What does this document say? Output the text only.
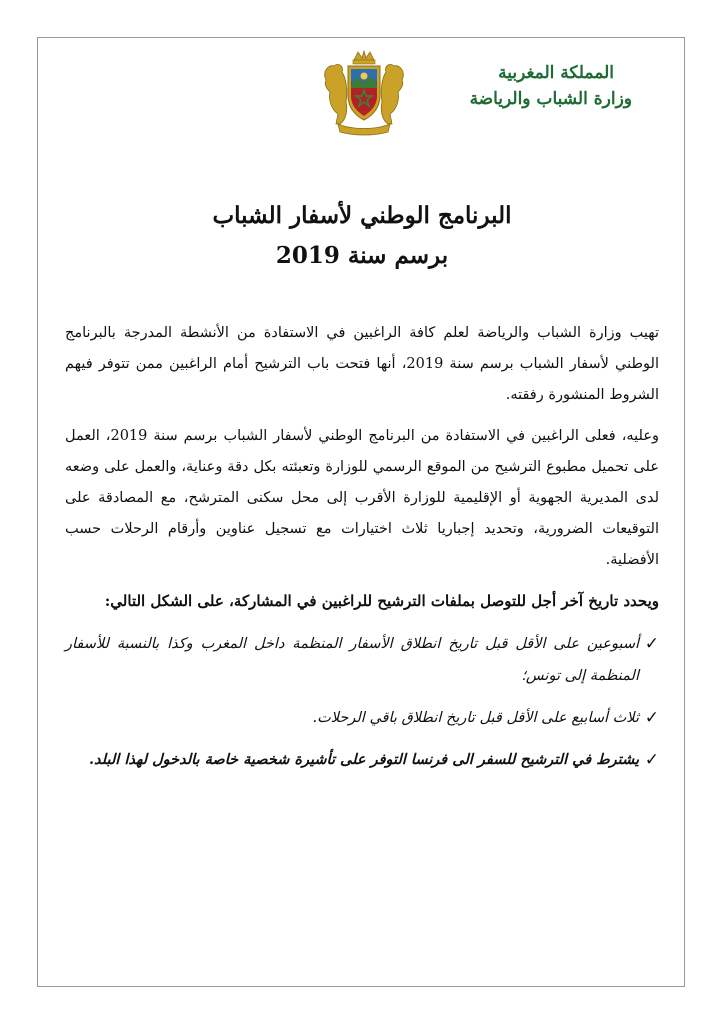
المملكة المغربية
وزارة الشباب والرياضة
البرنامج الوطني لأسفار الشباب
برسم سنة 2019

تهيب وزارة الشباب والرياضة لعلم كافة الراغبين في الاستفادة من الأنشطة المدرجة بالبرنامج الوطني لأسفار الشباب برسم سنة 2019، أنها فتحت باب الترشيح أمام الراغبين ممن تتوفر فيهم الشروط المنشورة رفقته.

وعليه، فعلى الراغبين في الاستفادة من البرنامج الوطني لأسفار الشباب برسم سنة 2019، العمل على تحميل مطبوع الترشيح من الموقع الرسمي للوزارة وتعبئته بكل دقة وعناية، والعمل على وضعه لدى المديرية الجهوية أو الإقليمية للوزارة الأقرب إلى محل سكنى المترشح، مع المصادقة على التوقيعات الضرورية، وتحديد إجباريا ثلاث اختيارات مع تسجيل عناوين وأرقام الرحلات حسب الأفضلية.

ويحدد تاريخ آخر أجل للتوصل بملفات الترشيح للراغبين في المشاركة، على الشكل التالي:

✓
أسبوعين على الأقل قبل تاريخ انطلاق الأسفار المنظمة داخل المغرب وكذا بالنسبة للأسفار المنظمة إلى تونس؛
✓
ثلاث أسابيع على الأقل قبل تاريخ انطلاق باقي الرحلات.
✓
يشترط في الترشيح للسفر الى فرنسا التوفر على تأشيرة شخصية خاصة بالدخول لهذا البلد.
